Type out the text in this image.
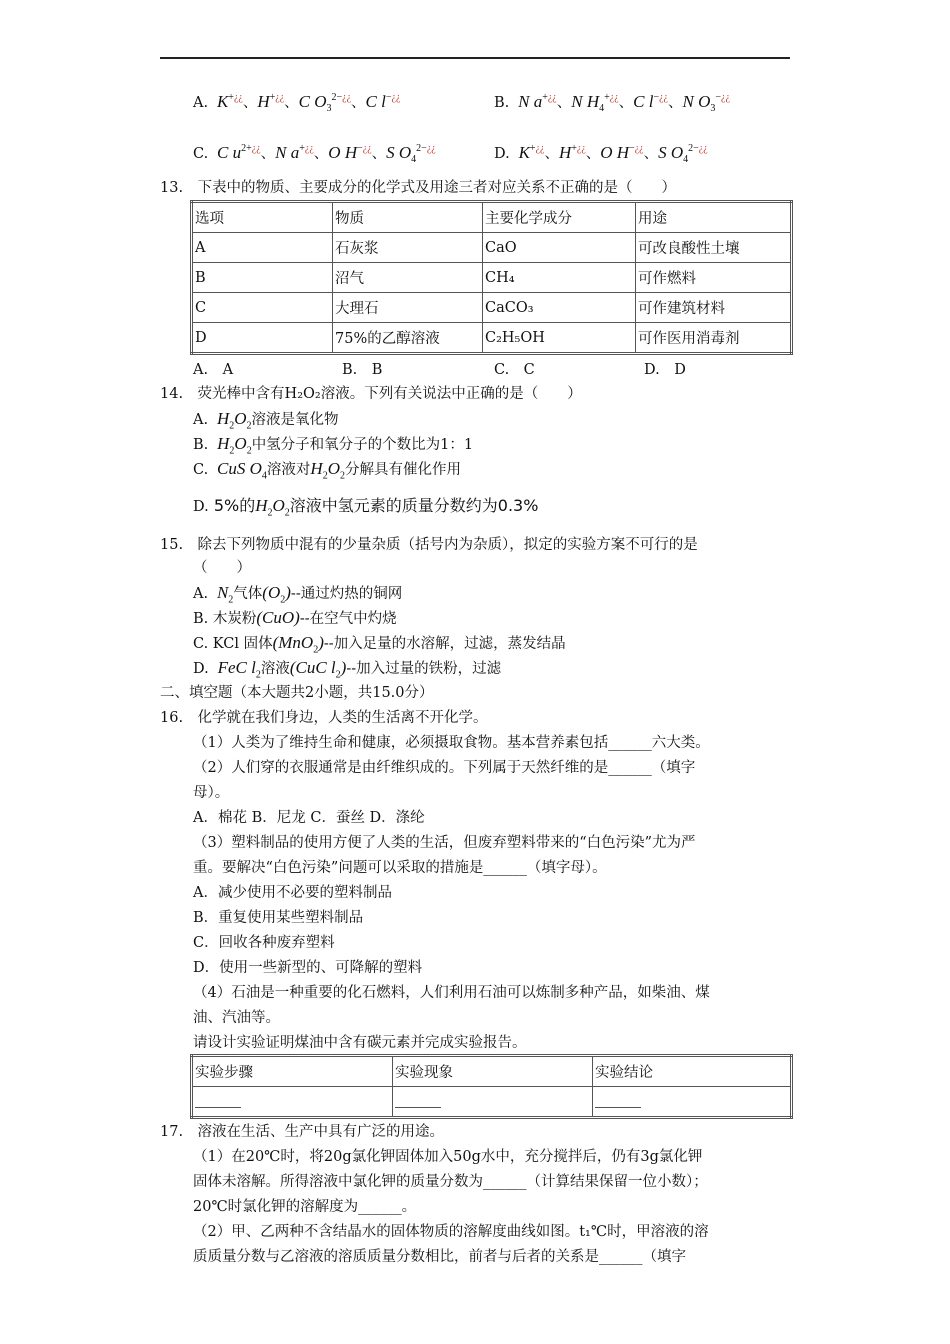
A.  K+¿¿、H+¿¿、C $O_3^{2-¿¿}$、C l−¿¿	B.  N a+¿¿、N $H_4^{+¿¿}$、C l−¿¿、N $O_3^{-¿¿}$
C.  C $u^{2+¿¿}$、N a+¿¿、O H−¿¿、S $O_4^{2-¿¿}$	D.  K+¿¿、H+¿¿、O H−¿¿、S $O_4^{2-¿¿}$
13.　下表中的物质、主要成分的化学式及用途三者对应关系不正确的是（　　）
选项	物质	主要化学成分	用途
A	石灰浆	CaO	可改良酸性土壤
B	沼气	CH₄	可作燃料
C	大理石	CaCO₃	可作建筑材料
D	75%的乙醇溶液	C₂H₅OH	可作医用消毒剂
A.　A	B.　B	C.　C	D.　D
14.　荧光棒中含有H₂O₂溶液。下列有关说法中正确的是（　　）
A.  $H_2O_2$溶液是氧化物
B.  $H_2O_2$中氢分子和氧分子的个数比为1：1
C.  CuS $O_4$溶液对$H_2O_2$分解具有催化作用
D. 5%的$H_2O_2$溶液中氢元素的质量分数约为0.3%
15.　除去下列物质中混有的少量杂质（括号内为杂质），拟定的实验方案不可行的是
（　　）
A.  $N_2$气体$(O_2)--$通过灼热的铜网
B. 木炭粉(CuO)--在空气中灼烧
C. KCl 固体(MnO$_2$)--加入足量的水溶解，过滤，蒸发结晶
D.  FeC $l_2$溶液(CuC $l_2)--$加入过量的铁粉，过滤
二、填空题（本大题共2小题，共15.0分）
16.　化学就在我们身边，人类的生活离不开化学。
（1）人类为了维持生命和健康，必须摄取食物。基本营养素包括______六大类。
（2）人们穿的衣服通常是由纤维织成的。下列属于天然纤维的是______（填字
母）。
A．棉花 B．尼龙 C．蚕丝 D．涤纶
（3）塑料制品的使用方便了人类的生活，但废弃塑料带来的“白色污染”尤为严
重。要解决“白色污染”问题可以采取的措施是______（填字母）。
A．减少使用不必要的塑料制品
B．重复使用某些塑料制品
C．回收各种废弃塑料
D．使用一些新型的、可降解的塑料
（4）石油是一种重要的化石燃料，人们利用石油可以炼制多种产品，如柴油、煤
油、汽油等。
请设计实验证明煤油中含有碳元素并完成实验报告。
实验步骤	实验现象	实验结论

17.　溶液在生活、生产中具有广泛的用途。
（1）在20℃时，将20g氯化钾固体加入50g水中，充分搅拌后，仍有3g氯化钾
固体未溶解。所得溶液中氯化钾的质量分数为______（计算结果保留一位小数）；
20℃时氯化钾的溶解度为______。
（2）甲、乙两种不含结晶水的固体物质的溶解度曲线如图。t₁℃时，甲溶液的溶
质质量分数与乙溶液的溶质质量分数相比，前者与后者的关系是______（填字
